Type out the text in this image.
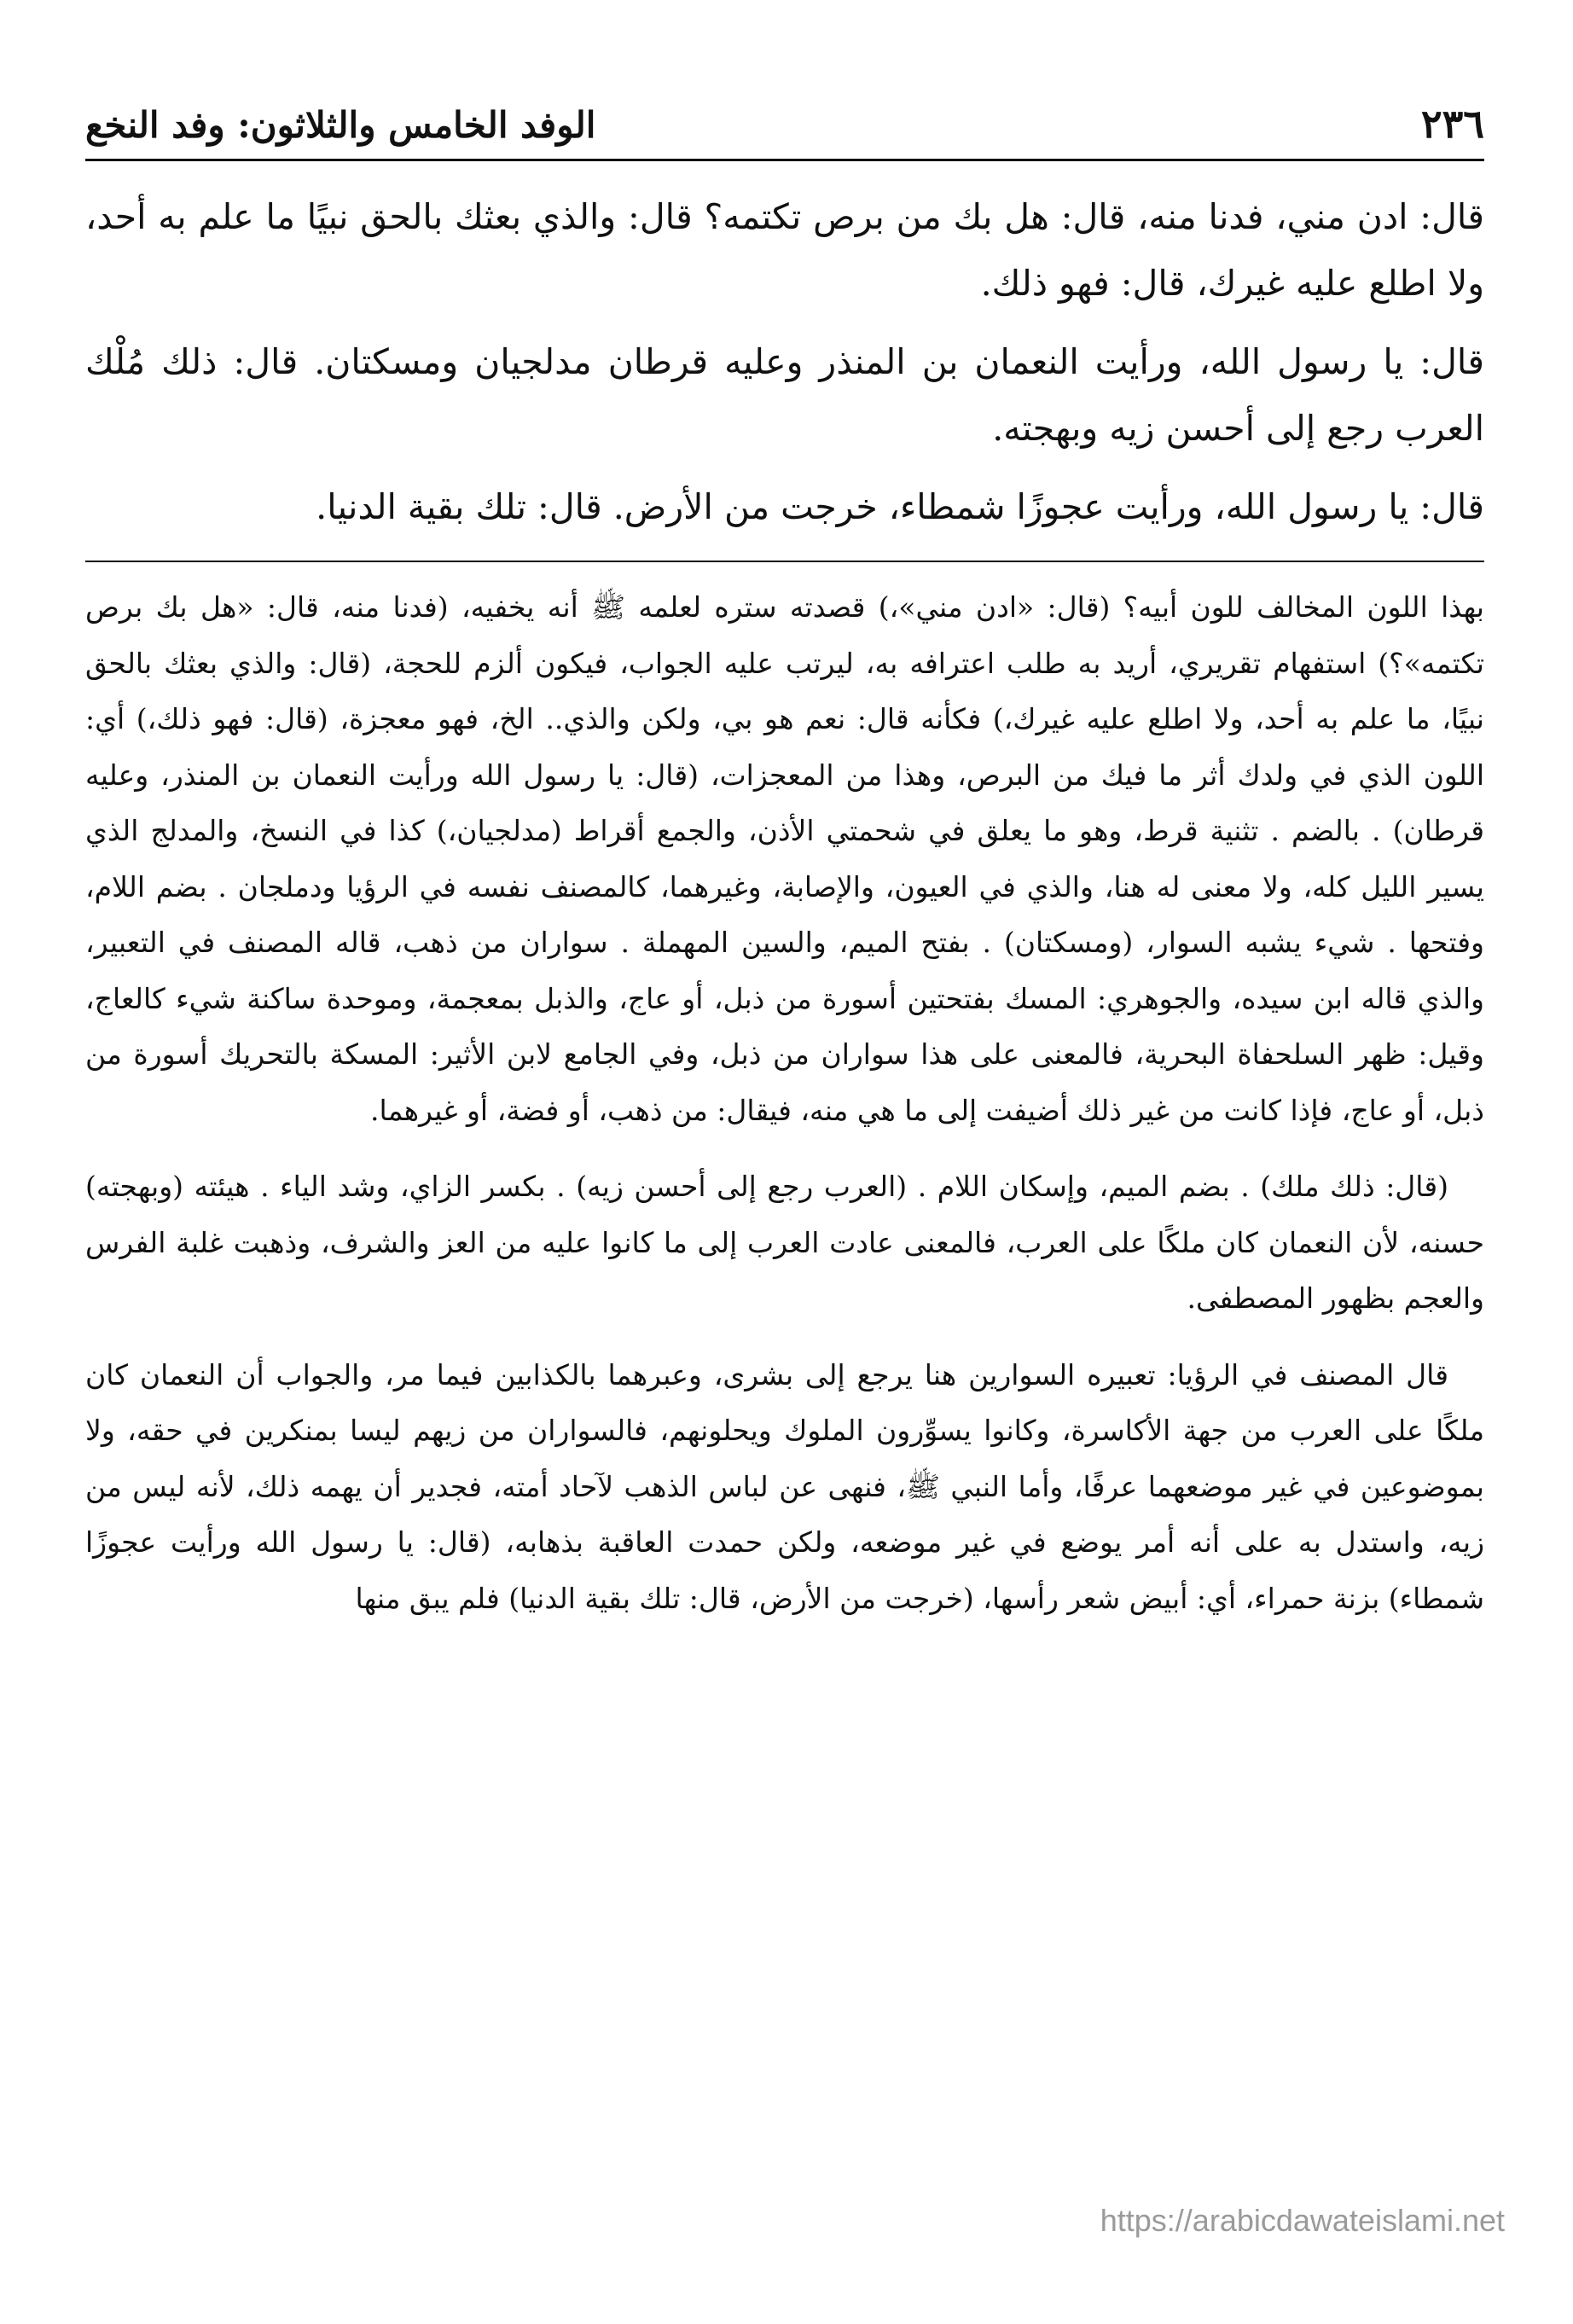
٢٣٦
الوفد الخامس والثلاثون: وفد النخع

قال: ادن مني، فدنا منه، قال: هل بك من برص تكتمه؟ قال: والذي بعثك بالحق نبيًا ما علم به أحد، ولا اطلع عليه غيرك، قال: فهو ذلك.

قال: يا رسول الله، ورأيت النعمان بن المنذر وعليه قرطان مدلجيان ومسكتان. قال: ذلك مُلْك العرب رجع إلى أحسن زيه وبهجته.

قال: يا رسول الله، ورأيت عجوزًا شمطاء، خرجت من الأرض. قال: تلك بقية الدنيا.

بهذا اللون المخالف للون أبيه؟ (قال: «ادن مني»،) قصدته ستره لعلمه ﷺ أنه يخفيه، (فدنا منه، قال: «هل بك برص تكتمه»؟) استفهام تقريري، أريد به طلب اعترافه به، ليرتب عليه الجواب، فيكون ألزم للحجة، (قال: والذي بعثك بالحق نبيًا، ما علم به أحد، ولا اطلع عليه غيرك،) فكأنه قال: نعم هو بي، ولكن والذي.. الخ، فهو معجزة، (قال: فهو ذلك،) أي: اللون الذي في ولدك أثر ما فيك من البرص، وهذا من المعجزات، (قال: يا رسول الله ورأيت النعمان بن المنذر، وعليه قرطان) . بالضم . تثنية قرط، وهو ما يعلق في شحمتي الأذن، والجمع أقراط (مدلجيان،) كذا في النسخ، والمدلج الذي يسير الليل كله، ولا معنى له هنا، والذي في العيون، والإصابة، وغيرهما، كالمصنف نفسه في الرؤيا ودملجان . بضم اللام، وفتحها . شيء يشبه السوار، (ومسكتان) . بفتح الميم، والسين المهملة . سواران من ذهب، قاله المصنف في التعبير، والذي قاله ابن سيده، والجوهري: المسك بفتحتين أسورة من ذبل، أو عاج، والذبل بمعجمة، وموحدة ساكنة شيء كالعاج، وقيل: ظهر السلحفاة البحرية، فالمعنى على هذا سواران من ذبل، وفي الجامع لابن الأثير: المسكة بالتحريك أسورة من ذبل، أو عاج، فإذا كانت من غير ذلك أضيفت إلى ما هي منه، فيقال: من ذهب، أو فضة، أو غيرهما.

(قال: ذلك ملك) . بضم الميم، وإسكان اللام . (العرب رجع إلى أحسن زيه) . بكسر الزاي، وشد الياء . هيئته (وبهجته) حسنه، لأن النعمان كان ملكًا على العرب، فالمعنى عادت العرب إلى ما كانوا عليه من العز والشرف، وذهبت غلبة الفرس والعجم بظهور المصطفى.

قال المصنف في الرؤيا: تعبيره السوارين هنا يرجع إلى بشرى، وعبرهما بالكذابين فيما مر، والجواب أن النعمان كان ملكًا على العرب من جهة الأكاسرة، وكانوا يسوِّرون الملوك ويحلونهم، فالسواران من زيهم ليسا بمنكرين في حقه، ولا بموضوعين في غير موضعهما عرفًا، وأما النبي ﷺ، فنهى عن لباس الذهب لآحاد أمته، فجدير أن يهمه ذلك، لأنه ليس من زيه، واستدل به على أنه أمر يوضع في غير موضعه، ولكن حمدت العاقبة بذهابه، (قال: يا رسول الله ورأيت عجوزًا شمطاء) بزنة حمراء، أي: أبيض شعر رأسها، (خرجت من الأرض، قال: تلك بقية الدنيا) فلم يبق منها

https://arabicdawateislami.net
